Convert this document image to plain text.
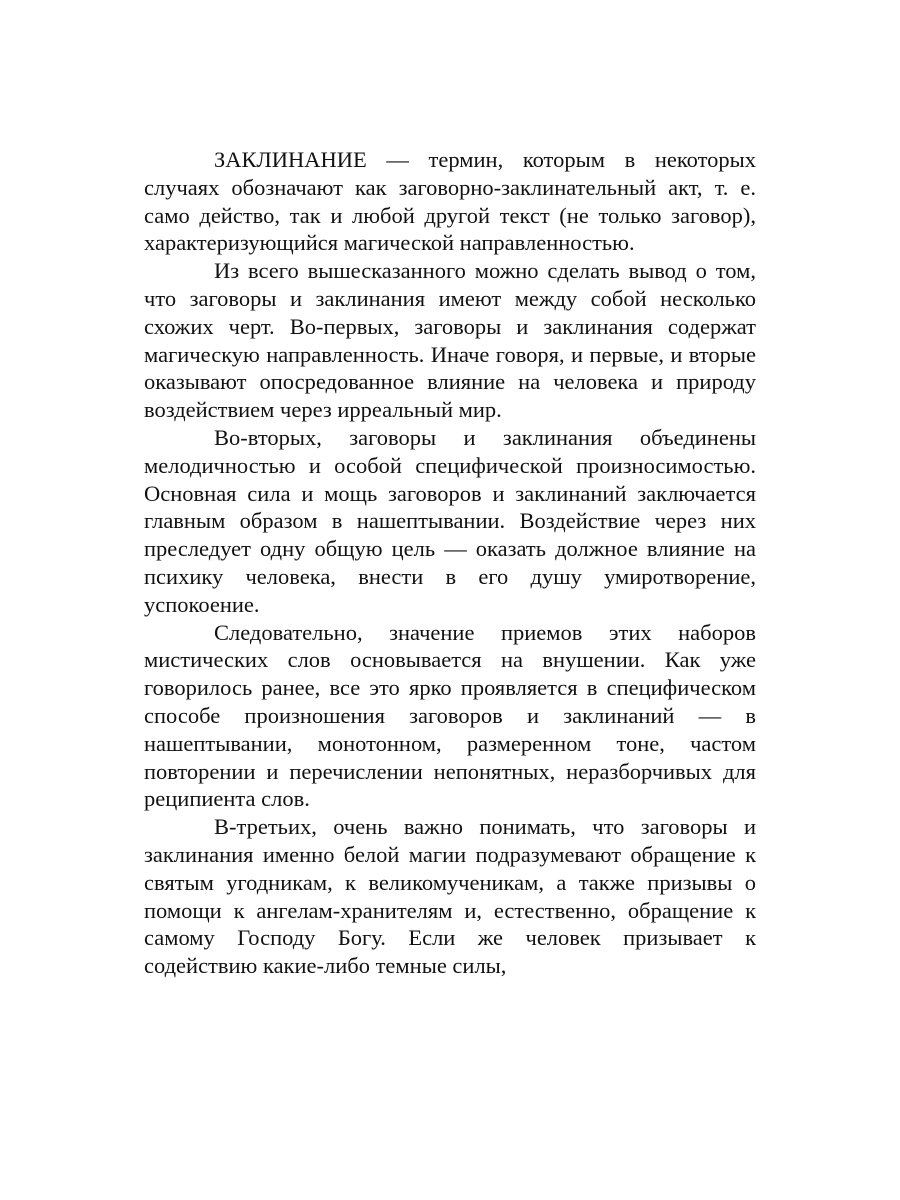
ЗАКЛИНАНИЕ — термин, которым в некоторых случаях обозначают как заговорно-заклинательный акт, т. е. само действо, так и любой другой текст (не только заговор), характеризующийся магической направленностью.

Из всего вышесказанного можно сделать вывод о том, что заговоры и заклинания имеют между собой несколько схожих черт. Во-первых, заговоры и заклинания содержат магическую направленность. Иначе говоря, и первые, и вторые оказывают опосредованное влияние на человека и природу воздействием через ирреальный мир.

Во-вторых, заговоры и заклинания объединены мелодичностью и особой специфической произносимостью. Основная сила и мощь заговоров и заклинаний заключается главным образом в нашептывании. Воздействие через них преследует одну общую цель — оказать должное влияние на психику человека, внести в его душу умиротворение, успокоение.

Следовательно, значение приемов этих наборов мистических слов основывается на внушении. Как уже говорилось ранее, все это ярко проявляется в специфическом способе произношения заговоров и заклинаний — в нашептывании, монотонном, размеренном тоне, частом повторении и перечислении непонятных, неразборчивых для реципиента слов.

В-третьих, очень важно понимать, что заговоры и заклинания именно белой магии подразумевают обращение к святым угодникам, к великомученикам, а также призывы о помощи к ангелам-хранителям и, естественно, обращение к самому Господу Богу. Если же человек призывает к содействию какие-либо темные силы,
